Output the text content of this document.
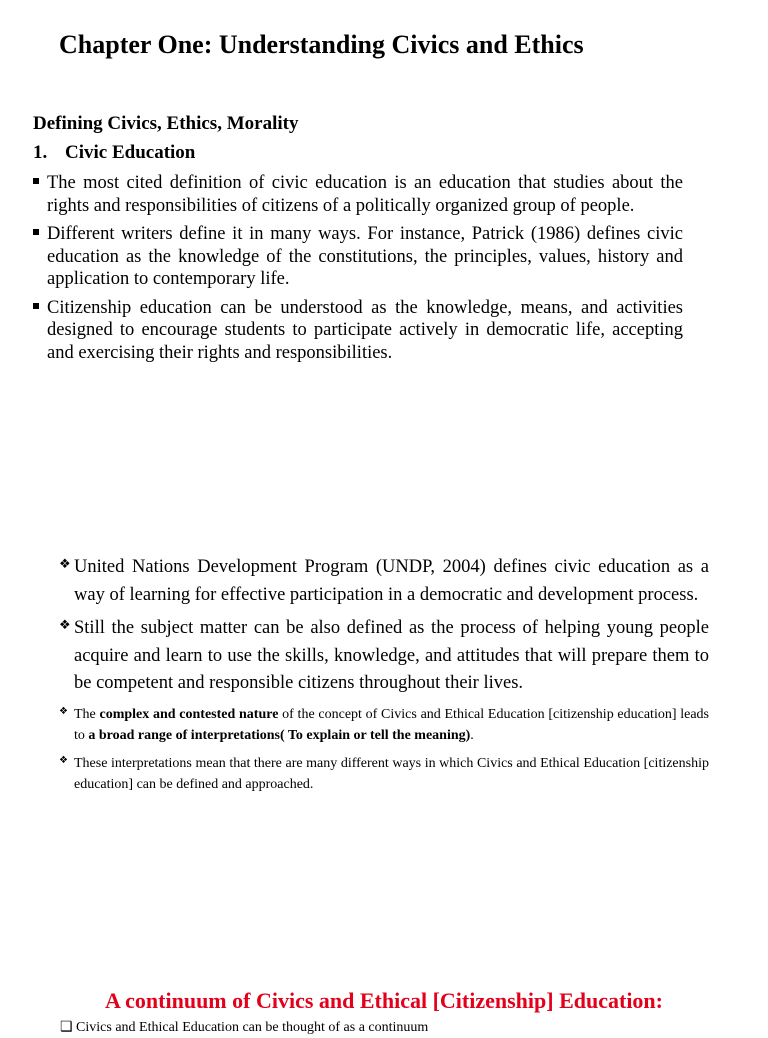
Chapter One: Understanding Civics and Ethics
Defining Civics, Ethics, Morality
1. Civic Education
The most cited definition of civic education is an education that studies about the rights and responsibilities of citizens of a politically organized group of people.
Different writers define it in many ways. For instance, Patrick (1986) defines civic education as the knowledge of the constitutions, the principles, values, history and application to contemporary life.
Citizenship education can be understood as the knowledge, means, and activities designed to encourage students to participate actively in democratic life, accepting and exercising their rights and responsibilities.
❖ United Nations Development Program (UNDP, 2004) defines civic education as a way of learning for effective participation in a democratic and development process.
❖ Still the subject matter can be also defined as the process of helping young people acquire and learn to use the skills, knowledge, and attitudes that will prepare them to be competent and responsible citizens throughout their lives.
❖ The complex and contested nature of the concept of Civics and Ethical Education [citizenship education] leads to a broad range of interpretations( To explain or tell the meaning).
❖ These interpretations mean that there are many different ways in which Civics and Ethical Education [citizenship education] can be defined and approached.
A continuum of Civics and Ethical [Citizenship] Education:
❑ Civics and Ethical Education can be thought of as a continuum
